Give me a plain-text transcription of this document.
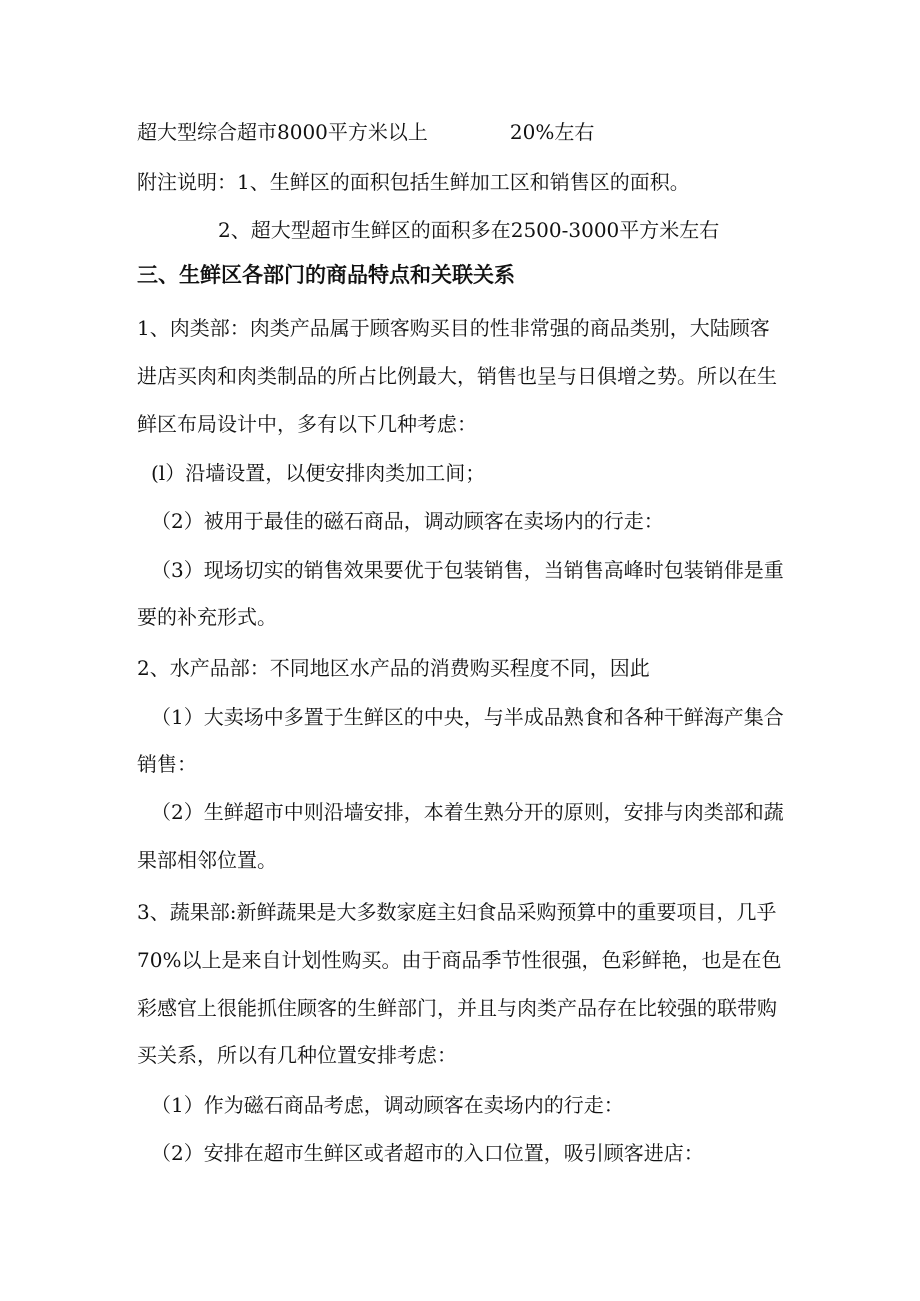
超大型综合超市8000平方米以上	20%左右
附注说明：1、生鲜区的面积包括生鲜加工区和销售区的面积。
2、超大型超市生鲜区的面积多在2500-3000平方米左右
三、生鲜区各部门的商品特点和关联关系
1、肉类部：肉类产品属于顾客购买目的性非常强的商品类别，大陆顾客
进店买肉和肉类制品的所占比例最大，销售也呈与日俱增之势。所以在生
鲜区布局设计中，多有以下几种考虑：
(l）沿墙设置，以便安排肉类加工间；
（2）被用于最佳的磁石商品，调动顾客在卖场内的行走：
（3）现场切实的销售效果要优于包装销售，当销售高峰时包装销俳是重
要的补充形式。
2、水产品部：不同地区水产品的消费购买程度不同，因此
（1）大卖场中多置于生鲜区的中央，与半成品熟食和各种干鲜海产集合
销售：
（2）生鲜超市中则沿墙安排，本着生熟分开的原则，安排与肉类部和蔬
果部相邻位置。
3、蔬果部:新鲜蔬果是大多数家庭主妇食品采购预算中的重要项目，几乎
70%以上是来自计划性购买。由于商品季节性很强，色彩鲜艳，也是在色
彩感官上很能抓住顾客的生鲜部门，并且与肉类产品存在比较强的联带购
买关系，所以有几种位置安排考虑：
（1）作为磁石商品考虑，调动顾客在卖场内的行走：
（2）安排在超市生鲜区或者超市的入口位置，吸引顾客进店：
